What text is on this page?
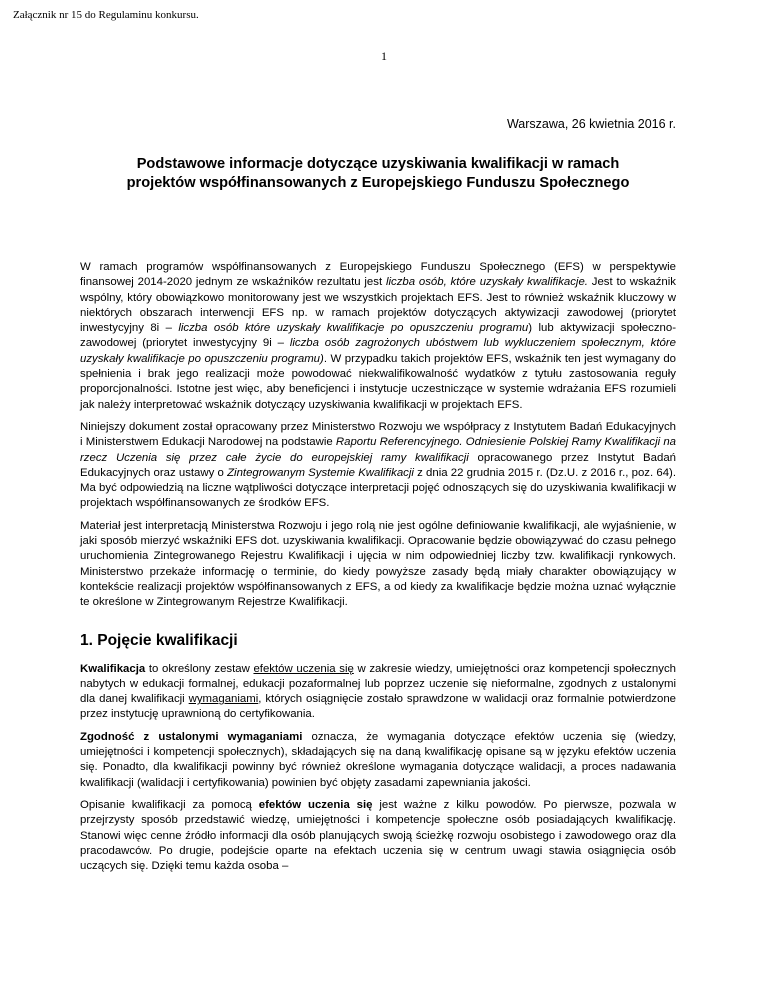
Załącznik nr 15 do Regulaminu konkursu.
1
Warszawa, 26 kwietnia 2016 r.
Podstawowe informacje dotyczące uzyskiwania kwalifikacji w ramach
projektów współfinansowanych z Europejskiego Funduszu Społecznego

W ramach programów współfinansowanych z Europejskiego Funduszu Społecznego (EFS) w perspektywie finansowej 2014-2020 jednym ze wskaźników rezultatu jest liczba osób, które uzyskały kwalifikacje. Jest to wskaźnik wspólny, który obowiązkowo monitorowany jest we wszystkich projektach EFS. Jest to również wskaźnik kluczowy w niektórych obszarach interwencji EFS np. w ramach projektów dotyczących aktywizacji zawodowej (priorytet inwestycyjny 8i – liczba osób które uzyskały kwalifikacje po opuszczeniu programu) lub aktywizacji społeczno-zawodowej (priorytet inwestycyjny 9i – liczba osób zagrożonych ubóstwem lub wykluczeniem społecznym, które uzyskały kwalifikacje po opuszczeniu programu). W przypadku takich projektów EFS, wskaźnik ten jest wymagany do spełnienia i brak jego realizacji może powodować niekwalifikowalność wydatków z tytułu zastosowania reguły proporcjonalności. Istotne jest więc, aby beneficjenci i instytucje uczestniczące w systemie wdrażania EFS rozumieli jak należy interpretować wskaźnik dotyczący uzyskiwania kwalifikacji w projektach EFS.

Niniejszy dokument został opracowany przez Ministerstwo Rozwoju we współpracy z Instytutem Badań Edukacyjnych i Ministerstwem Edukacji Narodowej na podstawie Raportu Referencyjnego. Odniesienie Polskiej Ramy Kwalifikacji na rzecz Uczenia się przez całe życie do europejskiej ramy kwalifikacji opracowanego przez Instytut Badań Edukacyjnych oraz ustawy o Zintegrowanym Systemie Kwalifikacji z dnia 22 grudnia 2015 r. (Dz.U. z 2016 r., poz. 64). Ma być odpowiedzią na liczne wątpliwości dotyczące interpretacji pojęć odnoszących się do uzyskiwania kwalifikacji w projektach współfinansowanych ze środków EFS.

Materiał jest interpretacją Ministerstwa Rozwoju i jego rolą nie jest ogólne definiowanie kwalifikacji, ale wyjaśnienie, w jaki sposób mierzyć wskaźniki EFS dot. uzyskiwania kwalifikacji. Opracowanie będzie obowiązywać do czasu pełnego uruchomienia Zintegrowanego Rejestru Kwalifikacji i ujęcia w nim odpowiedniej liczby tzw. kwalifikacji rynkowych. Ministerstwo przekaże informację o terminie, do kiedy powyższe zasady będą miały charakter obowiązujący w kontekście realizacji projektów współfinansowanych z EFS, a od kiedy za kwalifikacje będzie można uznać wyłącznie te określone w Zintegrowanym Rejestrze Kwalifikacji.

1. Pojęcie kwalifikacji

Kwalifikacja to określony zestaw efektów uczenia się w zakresie wiedzy, umiejętności oraz kompetencji społecznych nabytych w edukacji formalnej, edukacji pozaformalnej lub poprzez uczenie się nieformalne, zgodnych z ustalonymi dla danej kwalifikacji wymaganiami, których osiągnięcie zostało sprawdzone w walidacji oraz formalnie potwierdzone przez instytucję uprawnioną do certyfikowania.

Zgodność z ustalonymi wymaganiami oznacza, że wymagania dotyczące efektów uczenia się (wiedzy, umiejętności i kompetencji społecznych), składających się na daną kwalifikację opisane są w języku efektów uczenia się. Ponadto, dla kwalifikacji powinny być również określone wymagania dotyczące walidacji, a proces nadawania kwalifikacji (walidacji i certyfikowania) powinien być objęty zasadami zapewniania jakości.

Opisanie kwalifikacji za pomocą efektów uczenia się jest ważne z kilku powodów. Po pierwsze, pozwala w przejrzysty sposób przedstawić wiedzę, umiejętności i kompetencje społeczne osób posiadających kwalifikację. Stanowi więc cenne źródło informacji dla osób planujących swoją ścieżkę rozwoju osobistego i zawodowego oraz dla pracodawców. Po drugie, podejście oparte na efektach uczenia się w centrum uwagi stawia osiągnięcia osób uczących się. Dzięki temu każda osoba –
